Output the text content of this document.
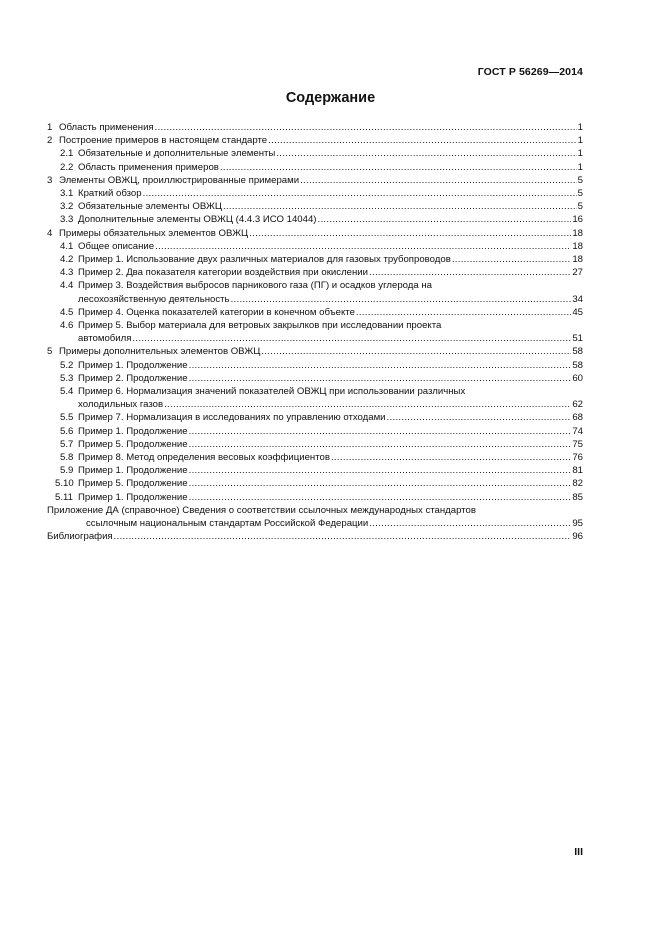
ГОСТ Р 56269—2014
Содержание
1 Область применения .....	1
2 Построение примеров в настоящем стандарте .....	1
2.1 Обязательные и дополнительные элементы .....	1
2.2 Область применения примеров .....	1
3 Элементы ОВЖЦ, проиллюстрированные примерами .....	5
3.1 Краткий обзор .....	5
3.2 Обязательные элементы ОВЖЦ .....	5
3.3 Дополнительные элементы ОВЖЦ (4.4.3 ИСО 14044) .....	16
4 Примеры обязательных элементов ОВЖЦ .....	18
4.1 Общее описание .....	18
4.2 Пример 1. Использование двух различных материалов для газовых трубопроводов .....	18
4.3 Пример 2. Два показателя категории воздействия при окислении .....	27
4.4 Пример 3. Воздействия выбросов парникового газа (ПГ) и осадков углерода на
лесохозяйственную деятельность .....	34
4.5 Пример 4. Оценка показателей категории в конечном объекте .....	45
4.6 Пример 5. Выбор материала для ветровых закрылков при исследовании проекта
автомобиля .....	51
5 Примеры дополнительных элементов ОВЖЦ .....	58
5.2 Пример 1. Продолжение .....	58
5.3 Пример 2. Продолжение .....	60
5.4 Пример 6. Нормализация значений показателей ОВЖЦ при использовании различных
холодильных газов .....	62
5.5 Пример 7. Нормализация в исследованиях по управлению отходами .....	68
5.6 Пример 1. Продолжение .....	74
5.7 Пример 5. Продолжение .....	75
5.8 Пример 8. Метод определения весовых коэффициентов .....	76
5.9 Пример 1. Продолжение .....	81
5.10 Пример 5. Продолжение .....	82
5.11 Пример 1. Продолжение .....	85
Приложение ДА (справочное) Сведения о соответствии ссылочных международных стандартов
ссылочным национальным стандартам Российской Федерации .....	95
Библиография .....	96
III
